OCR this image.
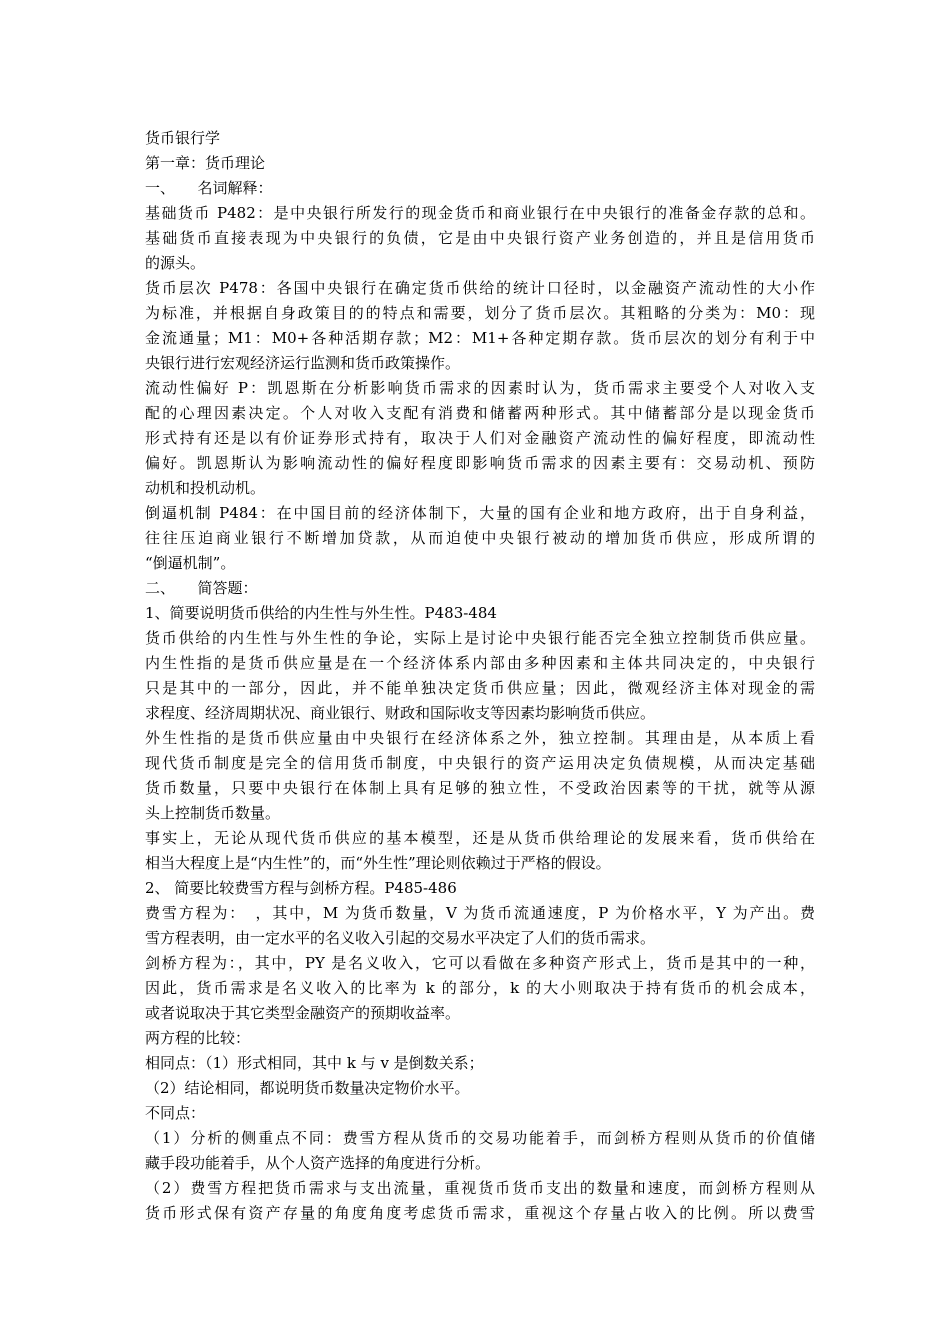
货币银行学
第一章：货币理论
一、　　名词解释：
基础货币 P482：是中央银行所发行的现金货币和商业银行在中央银行的准备金存款的总和。
基础货币直接表现为中央银行的负债，它是由中央银行资产业务创造的，并且是信用货币
的源头。
货币层次 P478：各国中央银行在确定货币供给的统计口径时，以金融资产流动性的大小作
为标准，并根据自身政策目的的特点和需要，划分了货币层次。其粗略的分类为：M0：现
金流通量；M1：M0+各种活期存款；M2：M1+各种定期存款。货币层次的划分有利于中
央银行进行宏观经济运行监测和货币政策操作。
流动性偏好 P：凯恩斯在分析影响货币需求的因素时认为，货币需求主要受个人对收入支
配的心理因素决定。个人对收入支配有消费和储蓄两种形式。其中储蓄部分是以现金货币
形式持有还是以有价证券形式持有，取决于人们对金融资产流动性的偏好程度，即流动性
偏好。凯恩斯认为影响流动性的偏好程度即影响货币需求的因素主要有：交易动机、预防
动机和投机动机。
倒逼机制 P484：在中国目前的经济体制下，大量的国有企业和地方政府，出于自身利益，
往往压迫商业银行不断增加贷款，从而迫使中央银行被动的增加货币供应，形成所谓的
“倒逼机制”。
二、　　简答题：
1、简要说明货币供给的内生性与外生性。P483-484
货币供给的内生性与外生性的争论，实际上是讨论中央银行能否完全独立控制货币供应量。
内生性指的是货币供应量是在一个经济体系内部由多种因素和主体共同决定的，中央银行
只是其中的一部分，因此，并不能单独决定货币供应量；因此，微观经济主体对现金的需
求程度、经济周期状况、商业银行、财政和国际收支等因素均影响货币供应。
外生性指的是货币供应量由中央银行在经济体系之外，独立控制。其理由是，从本质上看
现代货币制度是完全的信用货币制度，中央银行的资产运用决定负债规模，从而决定基础
货币数量，只要中央银行在体制上具有足够的独立性，不受政治因素等的干扰，就等从源
头上控制货币数量。
事实上，无论从现代货币供应的基本模型，还是从货币供给理论的发展来看，货币供给在
相当大程度上是“内生性”的，而“外生性”理论则依赖过于严格的假设。
2、 简要比较费雪方程与剑桥方程。P485-486
费雪方程为：　，其中，M 为货币数量，V 为货币流通速度，P 为价格水平，Y 为产出。费
雪方程表明，由一定水平的名义收入引起的交易水平决定了人们的货币需求。
剑桥方程为：，其中，PY 是名义收入，它可以看做在多种资产形式上，货币是其中的一种，
因此，货币需求是名义收入的比率为 k 的部分，k 的大小则取决于持有货币的机会成本，
或者说取决于其它类型金融资产的预期收益率。
两方程的比较：
相同点：（1）形式相同，其中 k 与 v 是倒数关系；
（2）结论相同，都说明货币数量决定物价水平。
不同点：
（1）分析的侧重点不同：费雪方程从货币的交易功能着手，而剑桥方程则从货币的价值储
藏手段功能着手，从个人资产选择的角度进行分析。
（2）费雪方程把货币需求与支出流量，重视货币货币支出的数量和速度，而剑桥方程则从
货币形式保有资产存量的角度角度考虑货币需求，重视这个存量占收入的比例。所以费雪
